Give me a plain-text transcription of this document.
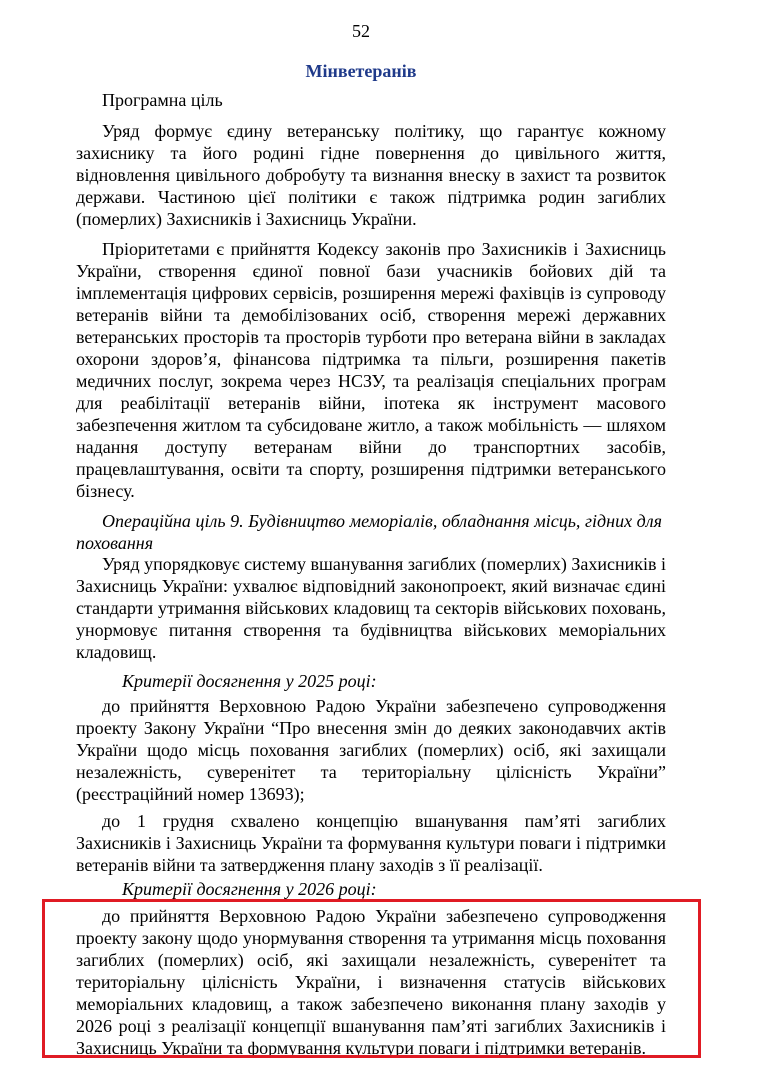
52
Мінветеранів
Програмна ціль

Уряд формує єдину ветеранську політику, що гарантує кожному захиснику та його родині гідне повернення до цивільного життя, відновлення цивільного добробуту та визнання внеску в захист та розвиток держави. Частиною цієї політики є також підтримка родин загиблих (померлих) Захисників і Захисниць України.

Пріоритетами є прийняття Кодексу законів про Захисників і Захисниць України, створення єдиної повної бази учасників бойових дій та імплементація цифрових сервісів, розширення мережі фахівців із супроводу ветеранів війни та демобілізованих осіб, створення мережі державних ветеранських просторів та просторів турботи про ветерана війни в закладах охорони здоров’я, фінансова підтримка та пільги, розширення пакетів медичних послуг, зокрема через НСЗУ, та реалізація спеціальних програм для реабілітації ветеранів війни, іпотека як інструмент масового забезпечення житлом та субсидоване житло, а також мобільність — шляхом надання доступу ветеранам війни до транспортних засобів, працевлаштування, освіти та спорту, розширення підтримки ветеранського бізнесу.

Операційна ціль 9. Будівництво меморіалів, обладнання місць, гідних для поховання

Уряд упорядковує систему вшанування загиблих (померлих) Захисників і Захисниць України: ухвалює відповідний законопроект, який визначає єдині стандарти утримання військових кладовищ та секторів військових поховань, унормовує питання створення та будівництва військових меморіальних кладовищ.

Критерії досягнення у 2025 році:

до прийняття Верховною Радою України забезпечено супроводження проекту Закону України “Про внесення змін до деяких законодавчих актів України щодо місць поховання загиблих (померлих) осіб, які захищали незалежність, суверенітет та територіальну цілісність України” (реєстраційний номер 13693);

до 1 грудня схвалено концепцію вшанування пам’яті загиблих Захисників і Захисниць України та формування культури поваги і підтримки ветеранів війни та затвердження плану заходів з її реалізації.

Критерії досягнення у 2026 році:

до прийняття Верховною Радою України забезпечено супроводження проекту закону щодо унормування створення та утримання місць поховання загиблих (померлих) осіб, які захищали незалежність, суверенітет та територіальну цілісність України, і визначення статусів військових меморіальних кладовищ, а також забезпечено виконання плану заходів у 2026 році з реалізації концепції вшанування пам’яті загиблих Захисників і Захисниць України та формування культури поваги і підтримки ветеранів.
